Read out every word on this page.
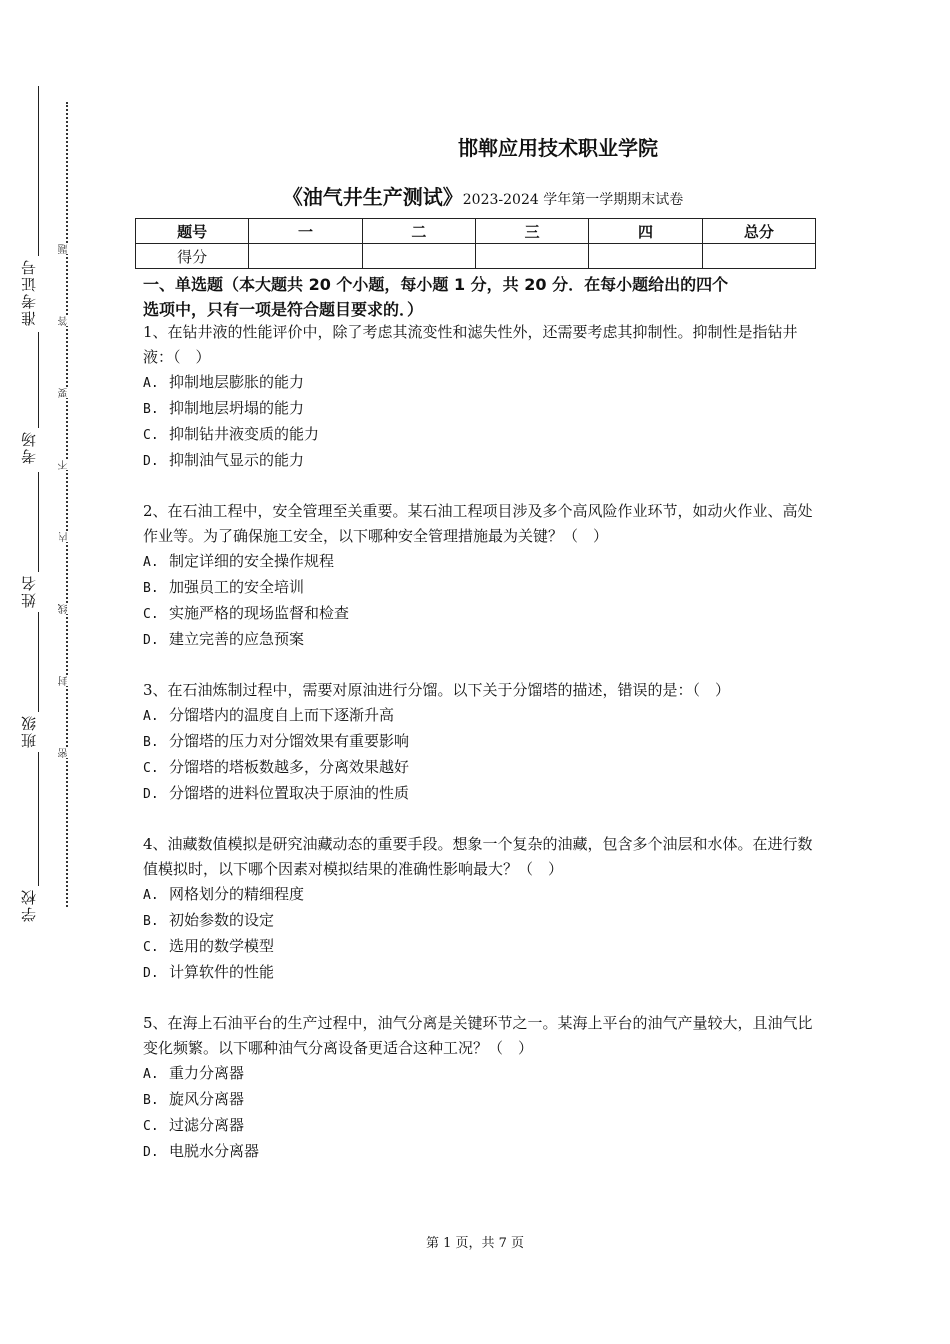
准考证号
考场
姓名
班级
学校
题
答
要
不
内
线
封
密
邯郸应用技术职业学院
《油气井生产测试》2023-2024 学年第一学期期末试卷
题号	一	二	三	四	总分
得分					
一、单选题（本大题共 20 个小题，每小题 1 分，共 20 分．在每小题给出的四个
选项中，只有一项是符合题目要求的．）

1、在钻井液的性能评价中，除了考虑其流变性和滤失性外，还需要考虑其抑制性。抑制性是指钻井液：（　）

A. 抑制地层膨胀的能力

B. 抑制地层坍塌的能力

C. 抑制钻井液变质的能力

D. 抑制油气显示的能力

2、在石油工程中，安全管理至关重要。某石油工程项目涉及多个高风险作业环节，如动火作业、高处作业等。为了确保施工安全，以下哪种安全管理措施最为关键？（　）

A. 制定详细的安全操作规程

B. 加强员工的安全培训

C. 实施严格的现场监督和检查

D. 建立完善的应急预案

3、在石油炼制过程中，需要对原油进行分馏。以下关于分馏塔的描述，错误的是：（　）

A. 分馏塔内的温度自上而下逐渐升高

B. 分馏塔的压力对分馏效果有重要影响

C. 分馏塔的塔板数越多，分离效果越好

D. 分馏塔的进料位置取决于原油的性质

4、油藏数值模拟是研究油藏动态的重要手段。想象一个复杂的油藏，包含多个油层和水体。在进行数值模拟时，以下哪个因素对模拟结果的准确性影响最大？（　）

A. 网格划分的精细程度

B. 初始参数的设定

C. 选用的数学模型

D. 计算软件的性能

5、在海上石油平台的生产过程中，油气分离是关键环节之一。某海上平台的油气产量较大，且油气比变化频繁。以下哪种油气分离设备更适合这种工况？（　）

A. 重力分离器

B. 旋风分离器

C. 过滤分离器

D. 电脱水分离器

第 1 页，共 7 页
